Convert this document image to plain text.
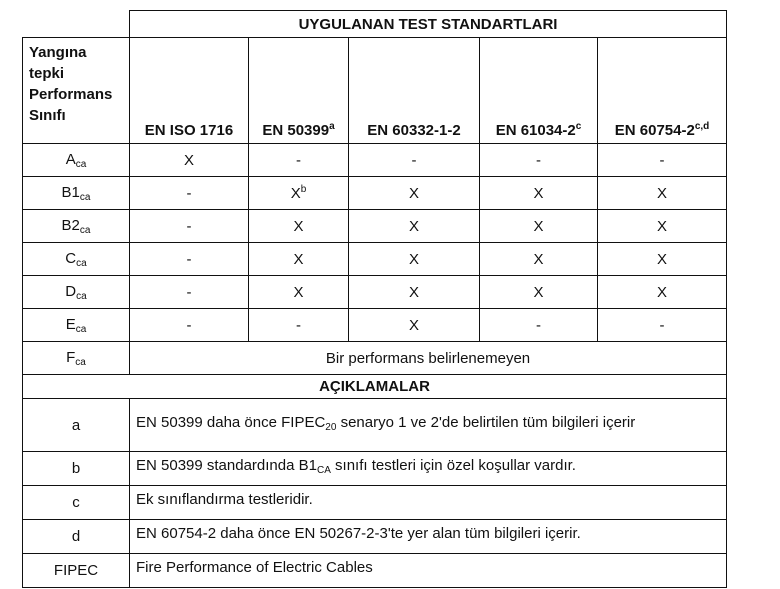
	UYGULANAN TEST STANDARTLARI				

Yangına
tepki
Performans
Sınıfı	EN ISO 1716	EN 50399$^a$	EN 60332-1-2	EN 61034-2$^c$	EN 60754-2$^{c,d}$
$A_{ca}$	X	-	-	-	-
$B1_{ca}$	-	$X^b$	X	X	X
$B2_{ca}$	-	X	X	X	X
$C_{ca}$	-	X	X	X	X
$D_{ca}$	-	X	X	X	X
$E_{ca}$	-	-	X	-	-
$F_{ca}$	Bir performans belirlenemeyen				
AÇIKLAMALAR					
a	EN 50399 daha önce $FIPEC_{20}$ senaryo 1 ve 2'de belirtilen tüm bilgileri içerir				
b	EN 50399 standardında $B1_{CA}$ sınıfı testleri için özel koşullar vardır.				
c	Ek sınıflandırma testleridir.				
d	EN 60754-2 daha önce EN 50267-2-3'te yer alan tüm bilgileri içerir.				
FIPEC	Fire Performance of Electric Cables				
